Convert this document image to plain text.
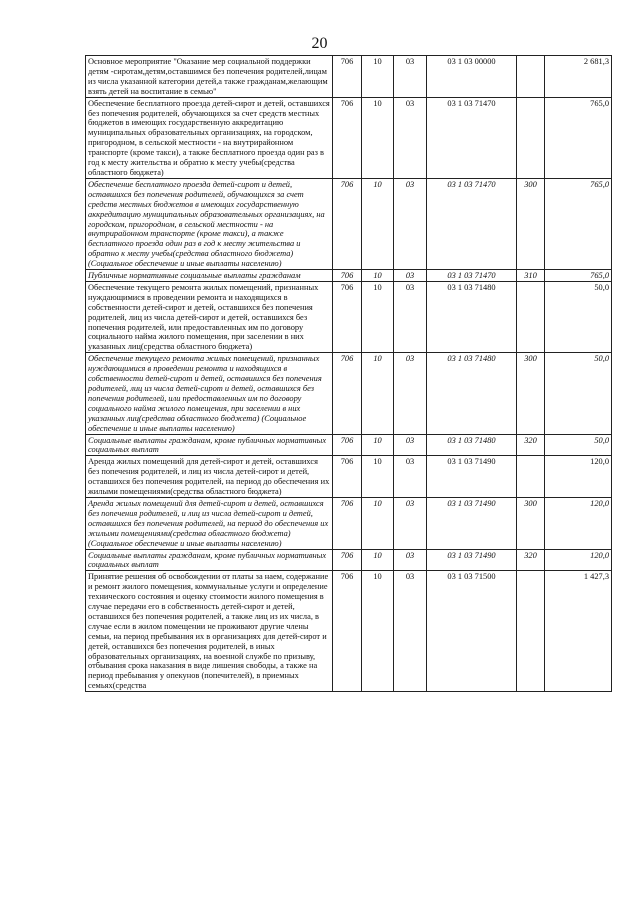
20
Основное мероприятие "Оказание мер социальной поддержки детям -сиротам,детям,оставшимся без попечения родителей,лицам из числа указанной категории детей,а также гражданам,желающим взять детей на воспитание в семью"	706	10	03	03 1 03 00000		2 681,3
Обеспечение бесплатного проезда детей-сирот и детей, оставшихся без попечения родителей, обучающихся за счет средств местных бюджетов в имеющих государственную аккредитацию муниципальных образовательных организациях, на городском, пригородном, в сельской местности - на внутрирайонном транспорте (кроме такси), а также бесплатного проезда один раз в год к месту жительства и обратно к месту учебы(средства областного бюджета)	706	10	03	03 1 03 71470		765,0
Обеспечение бесплатного проезда детей-сирот и детей, оставшихся без попечения родителей, обучающихся за счет средств местных бюджетов в имеющих государственную аккредитацию муниципальных образовательных организациях, на городском, пригородном, в сельской местности - на внутрирайонном транспорте (кроме такси), а также бесплатного проезда один раз в год к месту жительства и обратно к месту учебы(средства областного бюджета) (Социальное обеспечение и иные выплаты населению)	706	10	03	03 1 03 71470	300	765,0
Публичные нормативные социальные выплаты гражданам	706	10	03	03 1 03 71470	310	765,0
Обеспечение текущего ремонта жилых помещений, признанных нуждающимися в проведении ремонта и находящихся в собственности детей-сирот и детей, оставшихся без попечения родителей, лиц из числа детей-сирот и детей, оставшихся без попечения родителей, или предоставленных им по договору социального найма жилого помещения, при заселении в них указанных лиц(средства областного бюджета)	706	10	03	03 1 03 71480		50,0
Обеспечение текущего ремонта жилых помещений, признанных нуждающимися в проведении ремонта и находящихся в собственности детей-сирот и детей, оставшихся без попечения родителей, лиц из числа детей-сирот и детей, оставшихся без попечения родителей, или предоставленных им по договору социального найма жилого помещения, при заселении в них указанных лиц(средства областного бюджета) (Социальное обеспечение и иные выплаты населению)	706	10	03	03 1 03 71480	300	50,0
Социальные выплаты гражданам, кроме публичных нормативных социальных выплат	706	10	03	03 1 03 71480	320	50,0
Аренда жилых помещений для детей-сирот и детей, оставшихся без попечения родителей, и лиц из числа детей-сирот и детей, оставшихся без попечения родителей, на период до обеспечения их жилыми помещениями(средства областного бюджета)	706	10	03	03 1 03 71490		120,0
Аренда жилых помещений для детей-сирот и детей, оставшихся без попечения родителей, и лиц из числа детей-сирот и детей, оставшихся без попечения родителей, на период до обеспечения их жилыми помещениями(средства областного бюджета) (Социальное обеспечение и иные выплаты населению)	706	10	03	03 1 03 71490	300	120,0
Социальные выплаты гражданам, кроме публичных нормативных социальных выплат	706	10	03	03 1 03 71490	320	120,0
Принятие решения об освобождении от платы за наем, содержание и ремонт жилого помещения, коммунальные услуги и определение технического состояния и оценку стоимости жилого помещения в случае передачи его в собственность детей-сирот и детей, оставшихся без попечения родителей, а также лиц из их числа, в случае если в жилом помещении не проживают другие члены семьи, на период пребывания их в организациях для детей-сирот и детей, оставшихся без попечения родителей, в иных образовательных организациях, на военной службе по призыву, отбывания срока наказания в виде лишения свободы, а также на период пребывания у опекунов (попечителей), в приемных семьях(средства	706	10	03	03 1 03 71500		1 427,3
